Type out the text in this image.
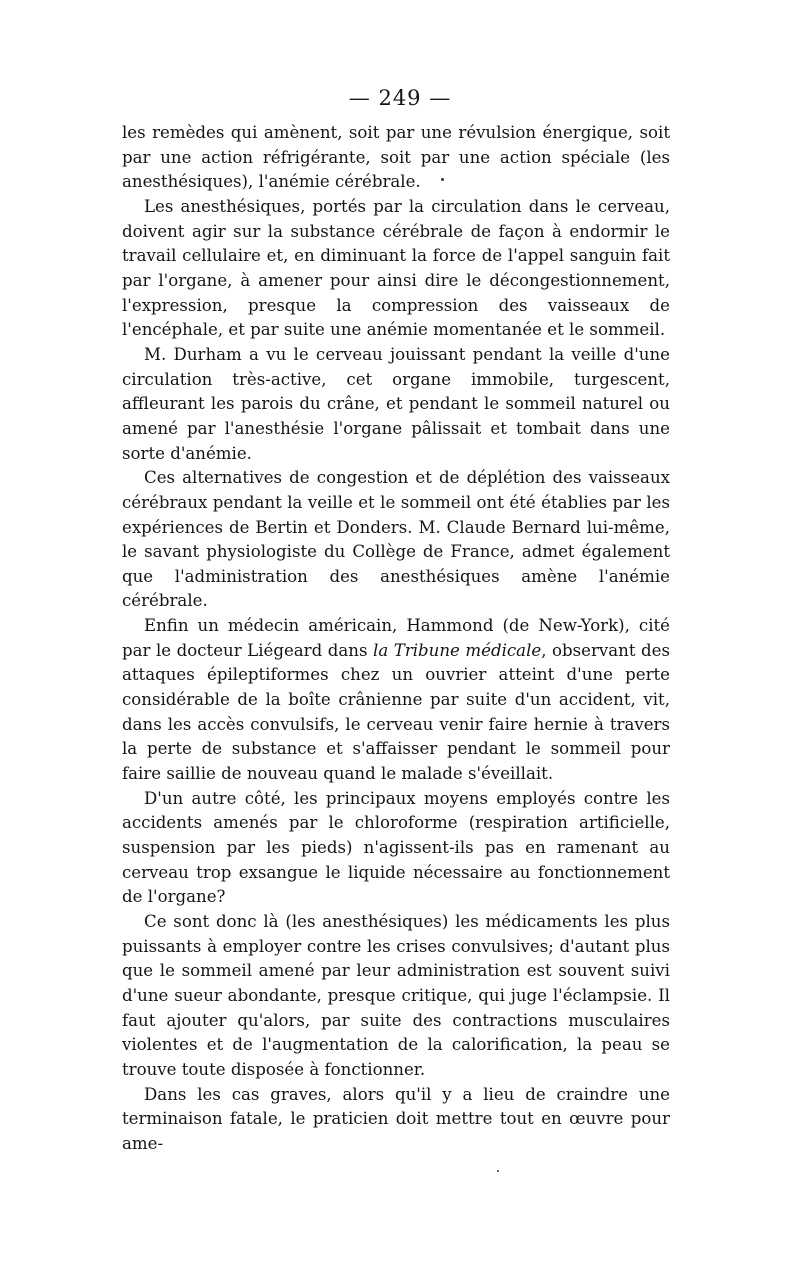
— 249 —

les remèdes qui amènent, soit par une révulsion énergique, soit par une action réfrigérante, soit par une action spéciale (les anesthésiques), l'anémie cérébrale.

Les anesthésiques, portés par la circulation dans le cerveau, doivent agir sur la substance cérébrale de façon à endormir le travail cellulaire et, en diminuant la force de l'appel sanguin fait par l'organe, à amener pour ainsi dire le décongestionnement, l'expression, presque la compression des vaisseaux de l'encéphale, et par suite une anémie momentanée et le sommeil.

M. Durham a vu le cerveau jouissant pendant la veille d'une circulation très-active, cet organe immobile, turgescent, affleurant les parois du crâne, et pendant le sommeil naturel ou amené par l'anesthésie l'organe pâlissait et tombait dans une sorte d'anémie.

Ces alternatives de congestion et de déplétion des vaisseaux cérébraux pendant la veille et le sommeil ont été établies par les expériences de Bertin et Donders. M. Claude Bernard lui-même, le savant physiologiste du Collège de France, admet également que l'administration des anesthésiques amène l'anémie cérébrale.

Enfin un médecin américain, Hammond (de New-York), cité par le docteur Liégeard dans la Tribune médicale, observant des attaques épileptiformes chez un ouvrier atteint d'une perte considérable de la boîte crânienne par suite d'un accident, vit, dans les accès convulsifs, le cerveau venir faire hernie à travers la perte de substance et s'affaisser pendant le sommeil pour faire saillie de nouveau quand le malade s'éveillait.

D'un autre côté, les principaux moyens employés contre les accidents amenés par le chloroforme (respiration artificielle, suspension par les pieds) n'agissent-ils pas en ramenant au cerveau trop exsangue le liquide nécessaire au fonctionnement de l'organe?

Ce sont donc là (les anesthésiques) les médicaments les plus puissants à employer contre les crises convulsives; d'autant plus que le sommeil amené par leur administration est souvent suivi d'une sueur abondante, presque critique, qui juge l'éclampsie. Il faut ajouter qu'alors, par suite des contractions musculaires violentes et de l'augmentation de la calorification, la peau se trouve toute disposée à fonctionner.

Dans les cas graves, alors qu'il y a lieu de craindre une terminaison fatale, le praticien doit mettre tout en œuvre pour ame-
